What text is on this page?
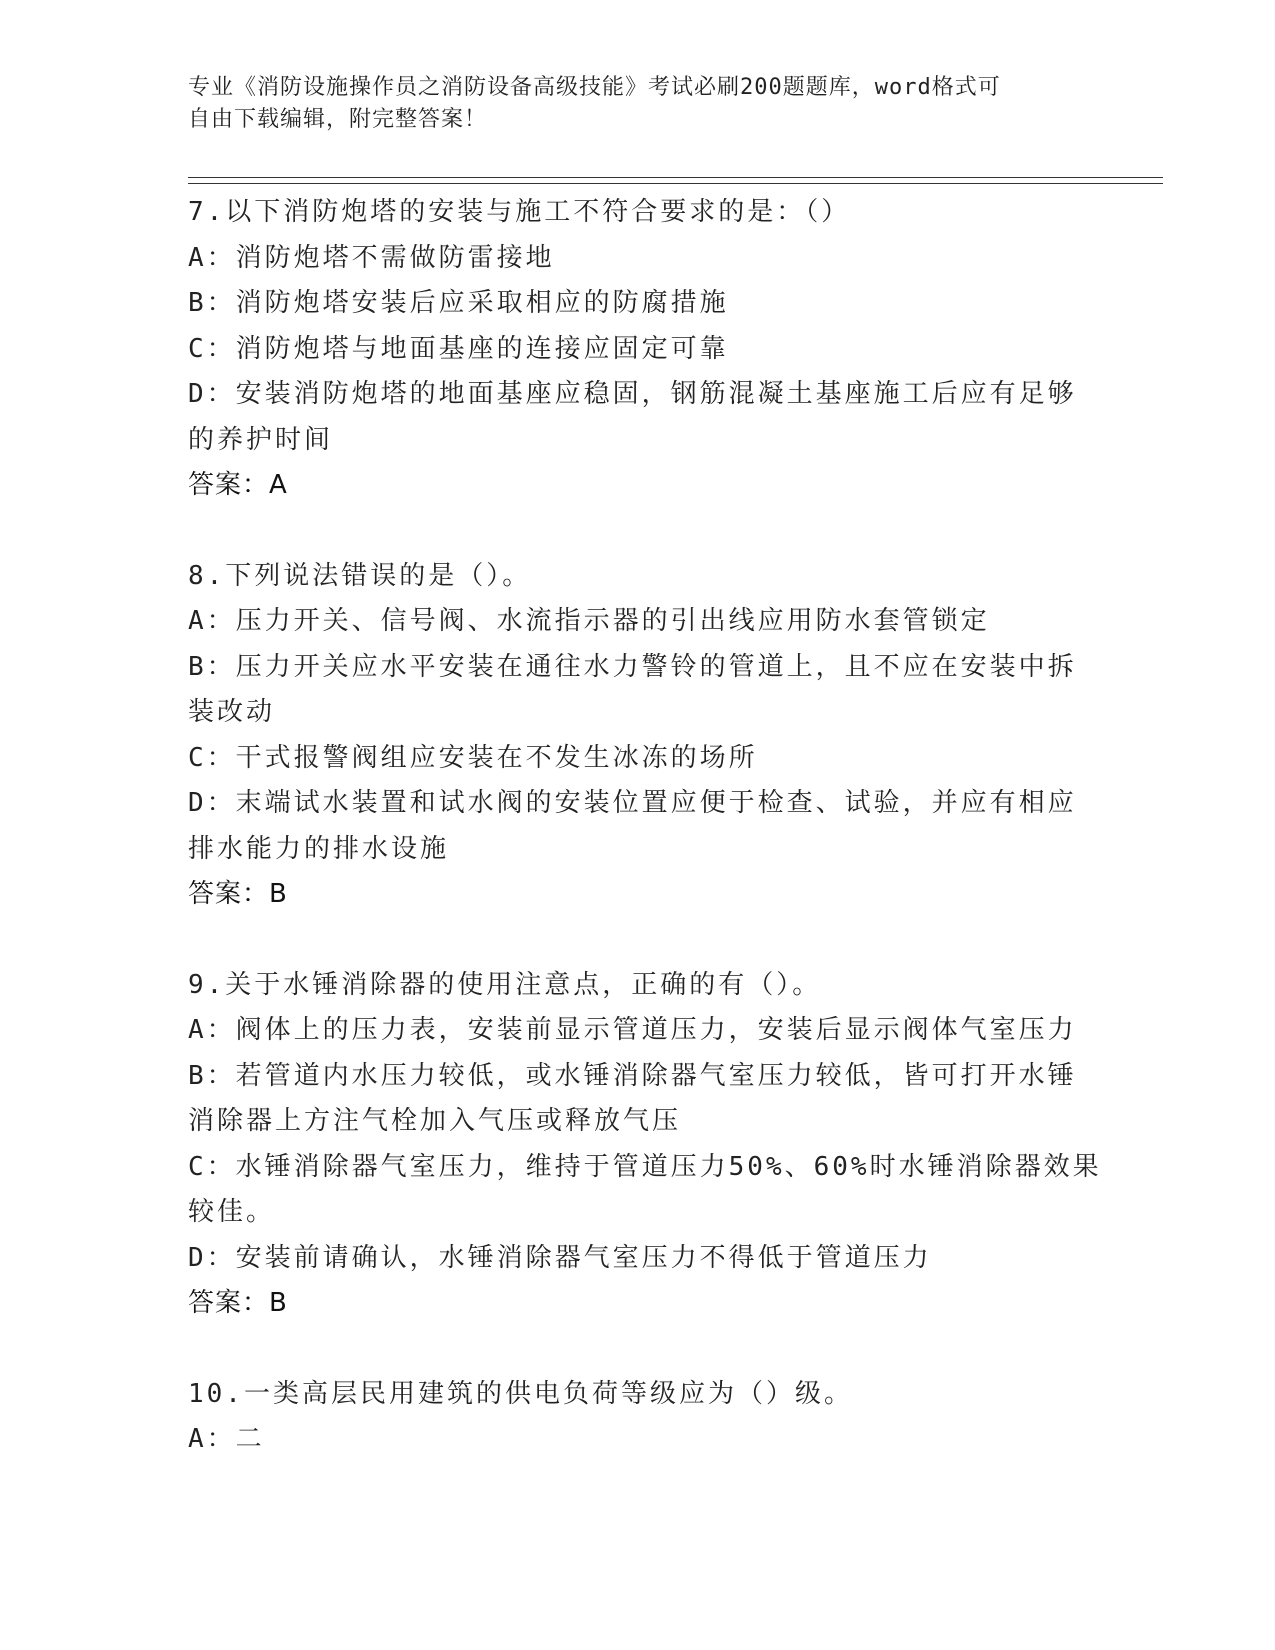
专业《消防设施操作员之消防设备高级技能》考试必刷200题题库，word格式可
自由下载编辑，附完整答案！
7.以下消防炮塔的安装与施工不符合要求的是：（）
A：消防炮塔不需做防雷接地
B：消防炮塔安装后应采取相应的防腐措施
C：消防炮塔与地面基座的连接应固定可靠
D：安装消防炮塔的地面基座应稳固，钢筋混凝土基座施工后应有足够
的养护时间
答案：A
8.下列说法错误的是（）。
A：压力开关、信号阀、水流指示器的引出线应用防水套管锁定
B：压力开关应水平安装在通往水力警铃的管道上，且不应在安装中拆
装改动
C：干式报警阀组应安装在不发生冰冻的场所
D：末端试水装置和试水阀的安装位置应便于检查、试验，并应有相应
排水能力的排水设施
答案：B
9.关于水锤消除器的使用注意点，正确的有（）。
A：阀体上的压力表，安装前显示管道压力，安装后显示阀体气室压力
B：若管道内水压力较低，或水锤消除器气室压力较低，皆可打开水锤
消除器上方注气栓加入气压或释放气压
C：水锤消除器气室压力，维持于管道压力50%、60%时水锤消除器效果
较佳。
D：安装前请确认，水锤消除器气室压力不得低于管道压力
答案：B
10.一类高层民用建筑的供电负荷等级应为（）级。
A：二
